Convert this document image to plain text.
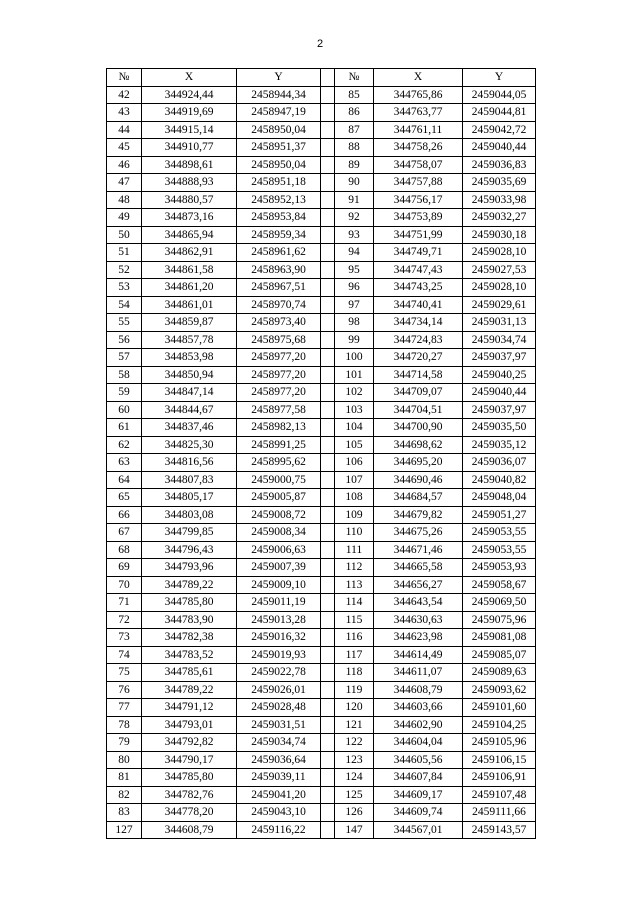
2
№	X	Y		№	X	Y
42	344924,44	2458944,34		85	344765,86	2459044,05
43	344919,69	2458947,19		86	344763,77	2459044,81
44	344915,14	2458950,04		87	344761,11	2459042,72
45	344910,77	2458951,37		88	344758,26	2459040,44
46	344898,61	2458950,04		89	344758,07	2459036,83
47	344888,93	2458951,18		90	344757,88	2459035,69
48	344880,57	2458952,13		91	344756,17	2459033,98
49	344873,16	2458953,84		92	344753,89	2459032,27
50	344865,94	2458959,34		93	344751,99	2459030,18
51	344862,91	2458961,62		94	344749,71	2459028,10
52	344861,58	2458963,90		95	344747,43	2459027,53
53	344861,20	2458967,51		96	344743,25	2459028,10
54	344861,01	2458970,74		97	344740,41	2459029,61
55	344859,87	2458973,40		98	344734,14	2459031,13
56	344857,78	2458975,68		99	344724,83	2459034,74
57	344853,98	2458977,20		100	344720,27	2459037,97
58	344850,94	2458977,20		101	344714,58	2459040,25
59	344847,14	2458977,20		102	344709,07	2459040,44
60	344844,67	2458977,58		103	344704,51	2459037,97
61	344837,46	2458982,13		104	344700,90	2459035,50
62	344825,30	2458991,25		105	344698,62	2459035,12
63	344816,56	2458995,62		106	344695,20	2459036,07
64	344807,83	2459000,75		107	344690,46	2459040,82
65	344805,17	2459005,87		108	344684,57	2459048,04
66	344803,08	2459008,72		109	344679,82	2459051,27
67	344799,85	2459008,34		110	344675,26	2459053,55
68	344796,43	2459006,63		111	344671,46	2459053,55
69	344793,96	2459007,39		112	344665,58	2459053,93
70	344789,22	2459009,10		113	344656,27	2459058,67
71	344785,80	2459011,19		114	344643,54	2459069,50
72	344783,90	2459013,28		115	344630,63	2459075,96
73	344782,38	2459016,32		116	344623,98	2459081,08
74	344783,52	2459019,93		117	344614,49	2459085,07
75	344785,61	2459022,78		118	344611,07	2459089,63
76	344789,22	2459026,01		119	344608,79	2459093,62
77	344791,12	2459028,48		120	344603,66	2459101,60
78	344793,01	2459031,51		121	344602,90	2459104,25
79	344792,82	2459034,74		122	344604,04	2459105,96
80	344790,17	2459036,64		123	344605,56	2459106,15
81	344785,80	2459039,11		124	344607,84	2459106,91
82	344782,76	2459041,20		125	344609,17	2459107,48
83	344778,20	2459043,10		126	344609,74	2459111,66
127	344608,79	2459116,22		147	344567,01	2459143,57
